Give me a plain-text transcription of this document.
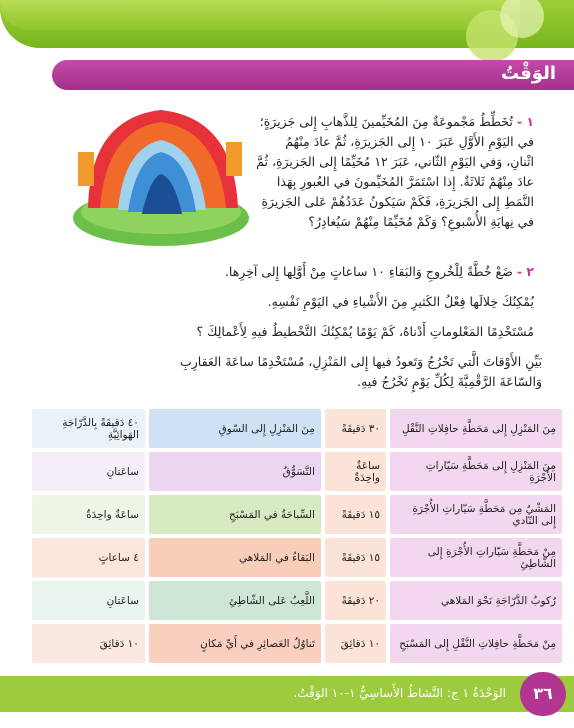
الوَقْتُ
١ -تُخَطِّطُ مَجْموعَةٌ مِنَ المُخَيِّمينَ لِلذَّهابِ إِلى جَزيرَةٍ؛
في اليَوْمِ الأَوَّلِ عَبَرَ ١٠ إِلى الجَزيرَةِ، ثُمَّ عادَ مِنْهُمُ
اثْنانِ، وَفي اليَوْمِ الثّاني، عَبَرَ ١٢ مُخَيِّمًا إِلى الجَزيرَةِ، ثُمَّ
عادَ مِنْهُمْ ثَلاثَةٌ. إِذا اسْتَمَرَّ المُخَيِّمونَ في العُبورِ بِهَذا
النَّمَطِ إِلى الجَزيرَةِ، فَكَمْ سَيَكونُ عَدَدُهُمْ عَلى الجَزيرَةِ
في نِهايَةِ الأُسْبوعِ؟ وَكَمْ مُخَيِّمًا مِنْهُمْ سَيُغادِرُ؟
٢ -ضَعْ خُطَّةً لِلْخُروجِ وَالبَقاءِ ١٠ ساعاتٍ مِنْ أَوَّلِها إِلى آخِرِها.
يُمْكِنُكَ خِلالَها فِعْلُ الكَثيرِ مِنَ الأَشْياءِ في اليَوْمِ نَفْسِهِ.
مُسْتَخْدِمًا المَعْلوماتِ أَدْناهُ، كَمْ يَوْمًا يُمْكِنُكَ التَّخْطيطُ فيهِ لِأَعْمالِكَ ؟
بَيِّنِ الأَوْقاتَ الَّتي تَخْرُجُ وَتَعودُ فيها إِلى المَنْزِلِ، مُسْتَخْدِمًا ساعَةَ العَقارِبِ
وَالسّاعَةَ الرَّقْمِيَّةَ لِكُلِّ يَوْمٍ تَخْرُجُ فيهِ.
مِنَ المَنْزِلِ إِلى مَحَطَّةِ حافِلاتِ النَّقْلِ	٣٠ دَقيقَةً	مِنَ المَنْزِلِ إِلى السّوقِ	٤٠ دَقيقَةً بِالدَّرّاجَةِ الهَوائِيَّةِ
مِنَ المَنْزِلِ إِلى مَحَطَّةِ سَيّاراتِ الأُجْرَةِ	ساعَةٌ واحِدَةٌ	التَّسَوُّقُ	ساعَتانِ
المَشْيُ مِن مَحَطَّةِ سَيّاراتِ الأُجْرَةِ إِلى النّادي	١٥ دَقيقَةً	السِّباحَةُ في المَسْبَحِ	ساعَةٌ واحِدَةٌ
مِنْ مَحَطَّةِ سَيّاراتِ الأُجْرَةِ إِلى الشّاطِئِ	١٥ دَقيقَةً	البَقاءُ في المَلاهي	٤ ساعاتٍ
رُكوبُ الدَّرّاجَةِ نَحْوَ المَلاهي	٢٠ دَقيقَةً	اللَّعِبُ عَلى الشّاطِئِ	ساعَتانِ
مِنْ مَحَطَّةِ حافِلاتِ النَّقْلِ إِلى المَسْبَحِ	١٠ دَقائِقَ	تَناوُلُ العَصائِرِ في أَيِّ مَكانٍ	١٠ دَقائِقَ
الوَحْدَةُ ١ ج: النَّشاطُ الأَساسِيُّ ١-١٠ الوَقْتُ.	٣٦
